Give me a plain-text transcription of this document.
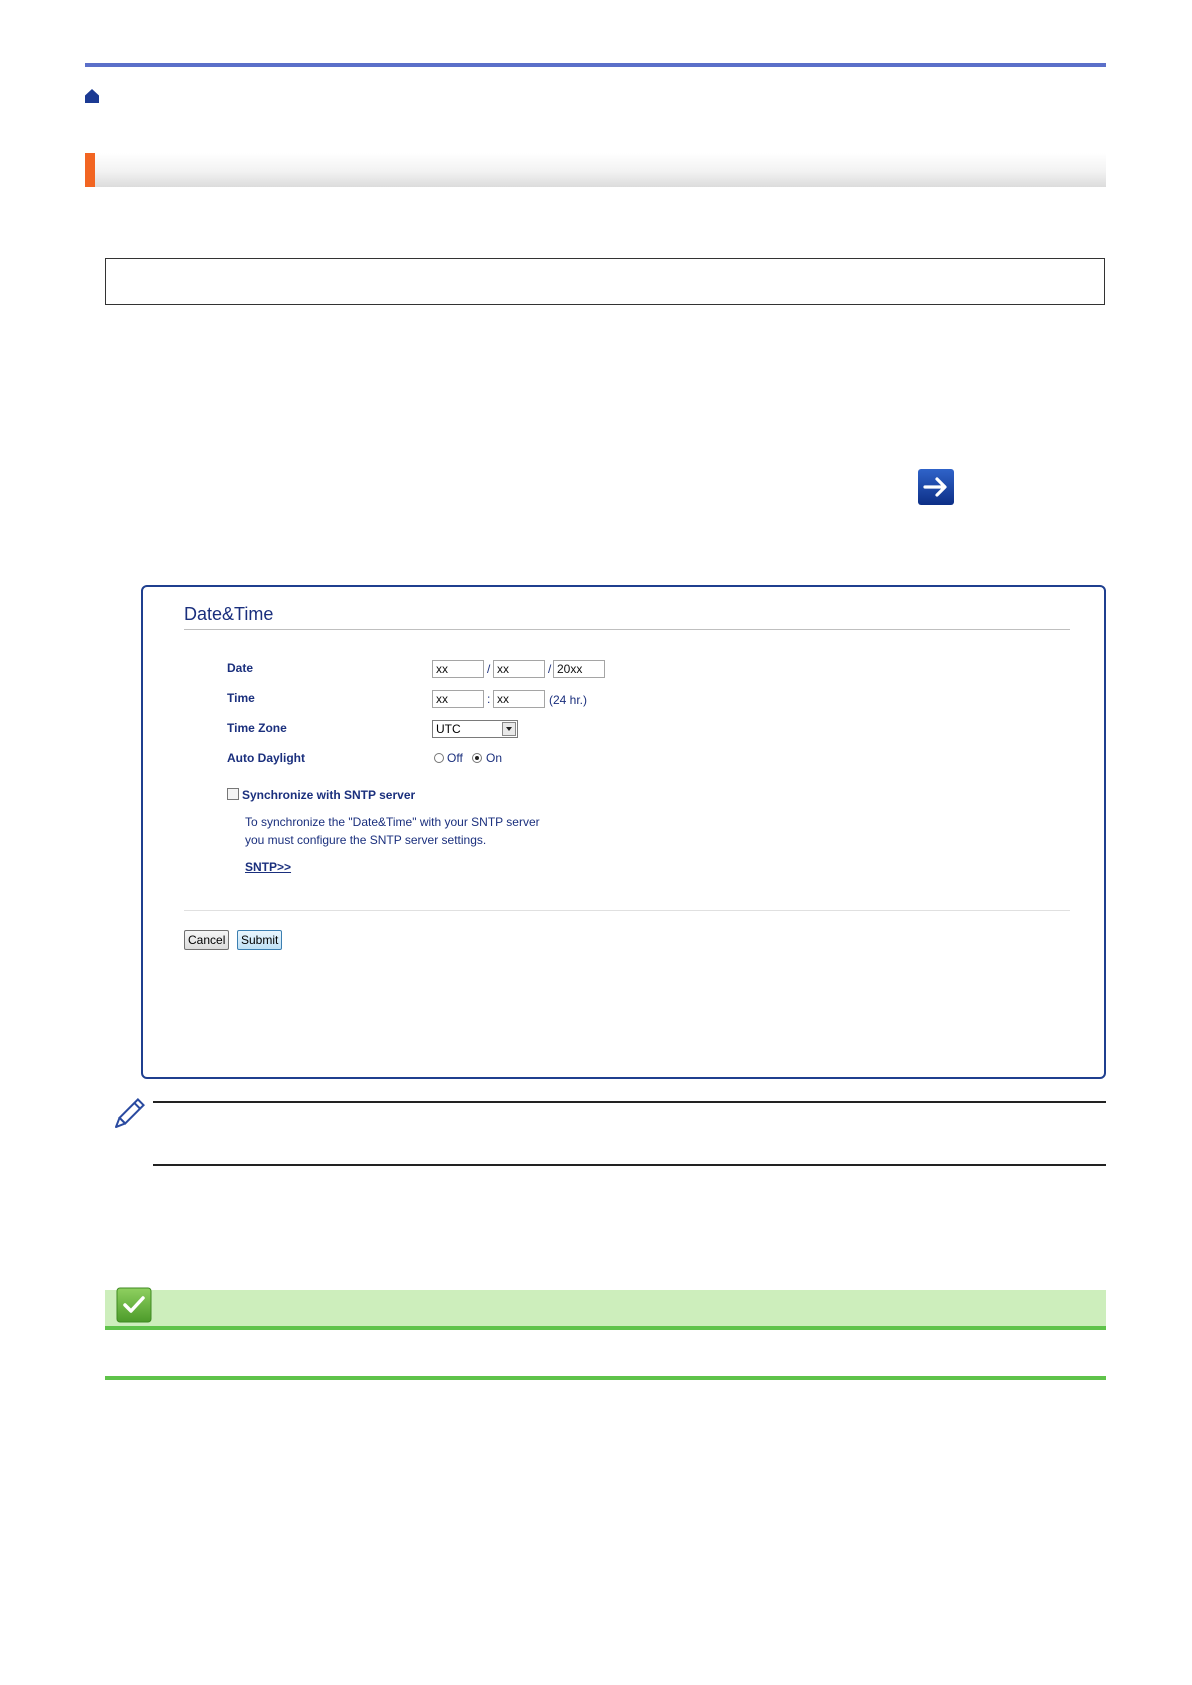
Date&Time
Date	xx	/ xx	/ 20xx
Time	xx	: xx	(24 hr.)
Time Zone	UTC
Auto Daylight	Off On
Synchronize with SNTP server
To synchronize the "Date&Time" with your SNTP server
you must configure the SNTP server settings.
SNTP>>
Cancel	Submit
